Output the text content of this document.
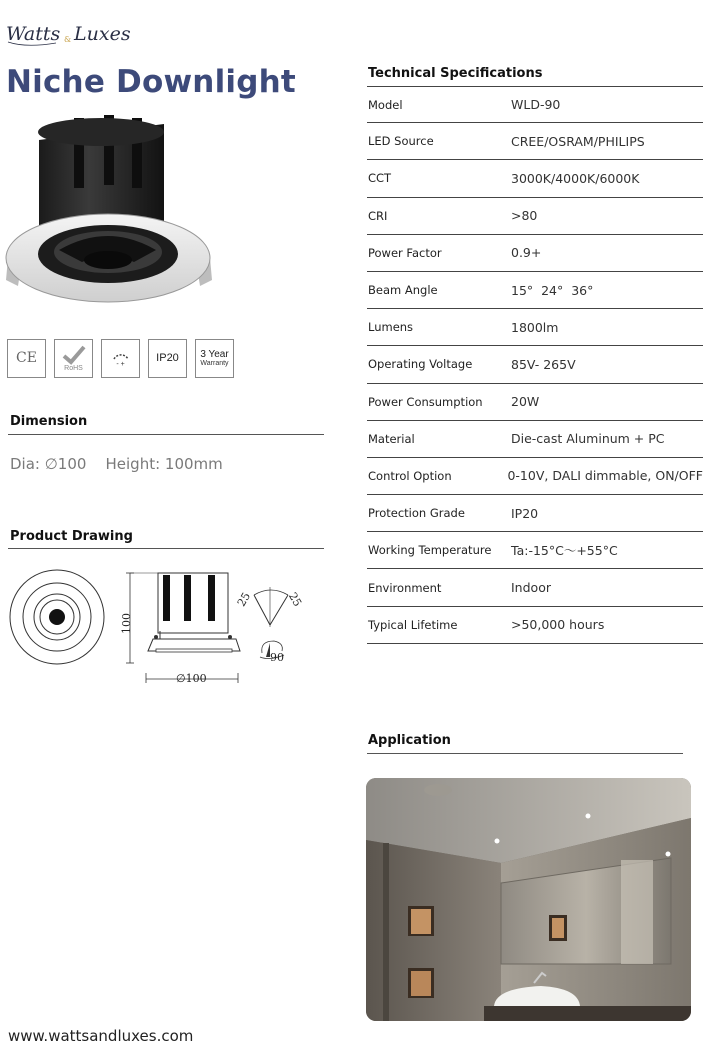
Watts & Luxes
Niche Downlight
CE
RoHS
- +
IP20 3 Year
Warranty
Dimension
Dia: ∅100    Height: 100mm
Product Drawing
100
∅100
25	25
90
Technical Specifications
Model	WLD-90
LED Source	CREE/OSRAM/PHILIPS
CCT	3000K/4000K/6000K
CRI	>80
Power Factor	0.9+
Beam Angle	15°  24°  36°
Lumens	1800lm
Operating Voltage	85V- 265V
Power Consumption	20W
Material	Die-cast Aluminum + PC
Control Option	0-10V, DALI dimmable, ON/OFF
Protection Grade	IP20
Working Temperature	Ta:-15°C～+55°C
Environment	Indoor
Typical Lifetime	>50,000 hours
Application
www.wattsandluxes.com
